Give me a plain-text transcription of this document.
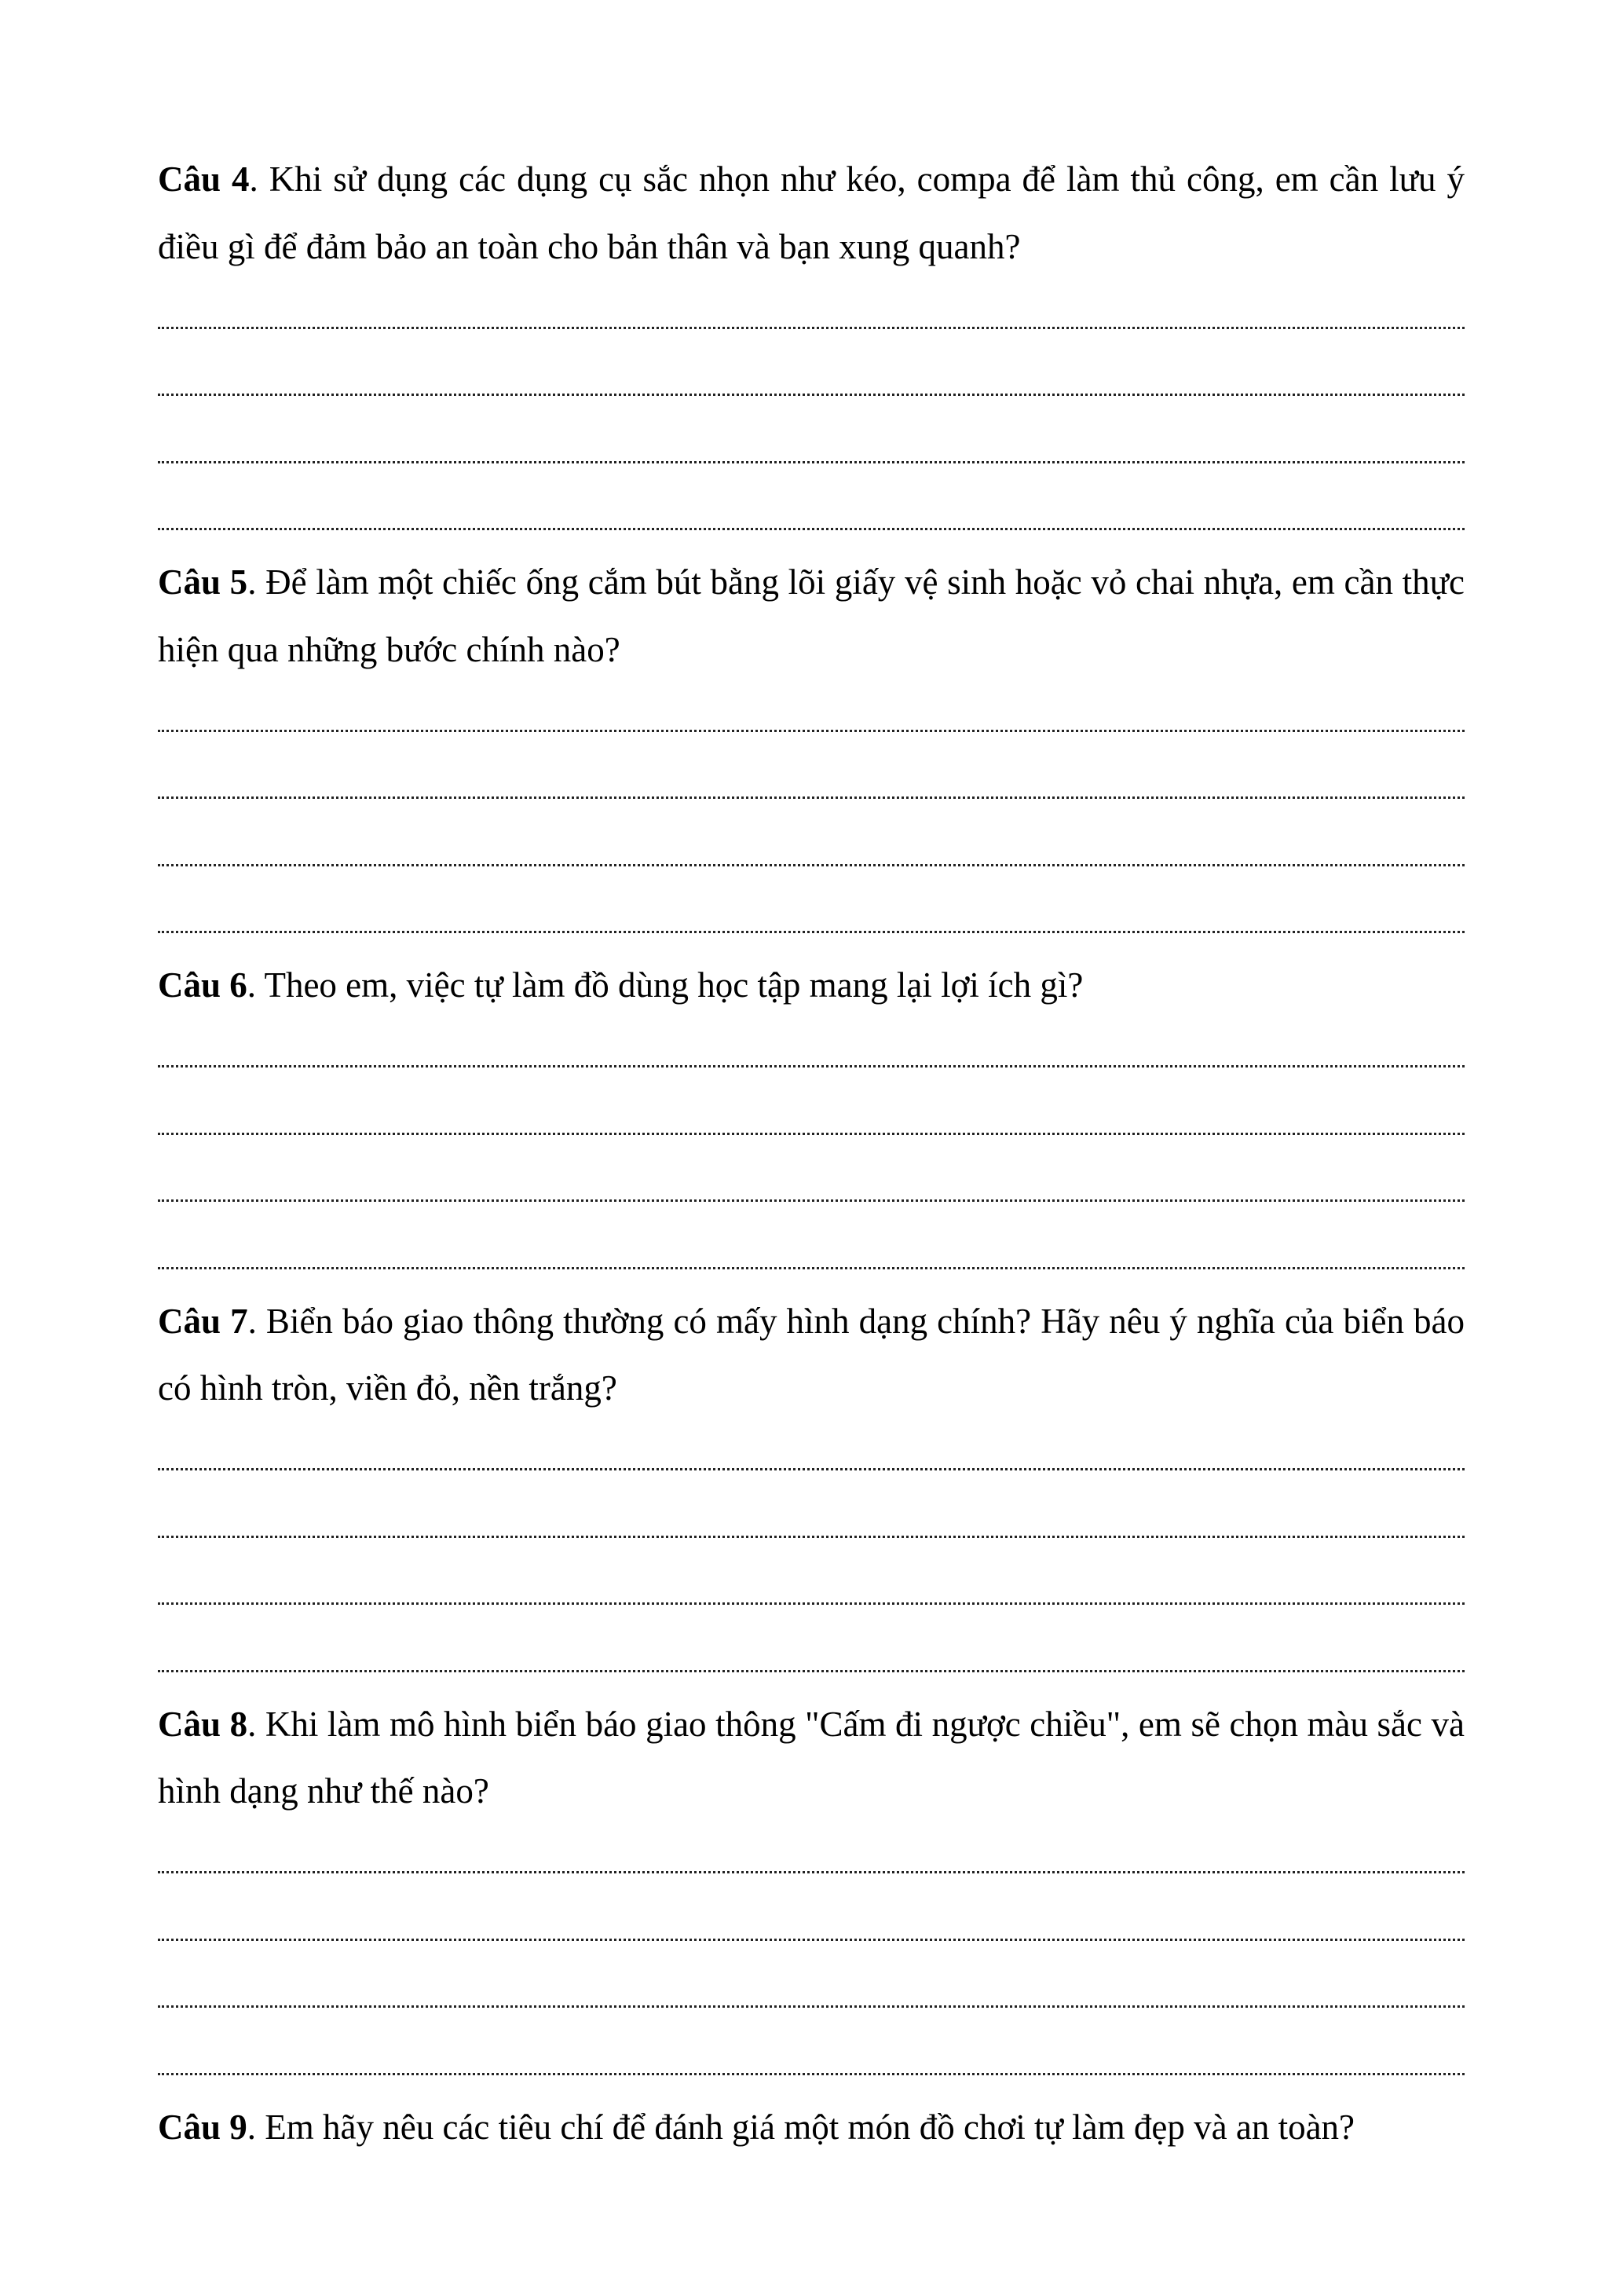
Câu 4. Khi sử dụng các dụng cụ sắc nhọn như kéo, compa để làm thủ công, em cần lưu ý điều gì để đảm bảo an toàn cho bản thân và bạn xung quanh?

Câu 5. Để làm một chiếc ống cắm bút bằng lõi giấy vệ sinh hoặc vỏ chai nhựa, em cần thực hiện qua những bước chính nào?

Câu 6. Theo em, việc tự làm đồ dùng học tập mang lại lợi ích gì?

Câu 7. Biển báo giao thông thường có mấy hình dạng chính? Hãy nêu ý nghĩa của biển báo có hình tròn, viền đỏ, nền trắng?

Câu 8. Khi làm mô hình biển báo giao thông "Cấm đi ngược chiều", em sẽ chọn màu sắc và hình dạng như thế nào?

Câu 9. Em hãy nêu các tiêu chí để đánh giá một món đồ chơi tự làm đẹp và an toàn?
